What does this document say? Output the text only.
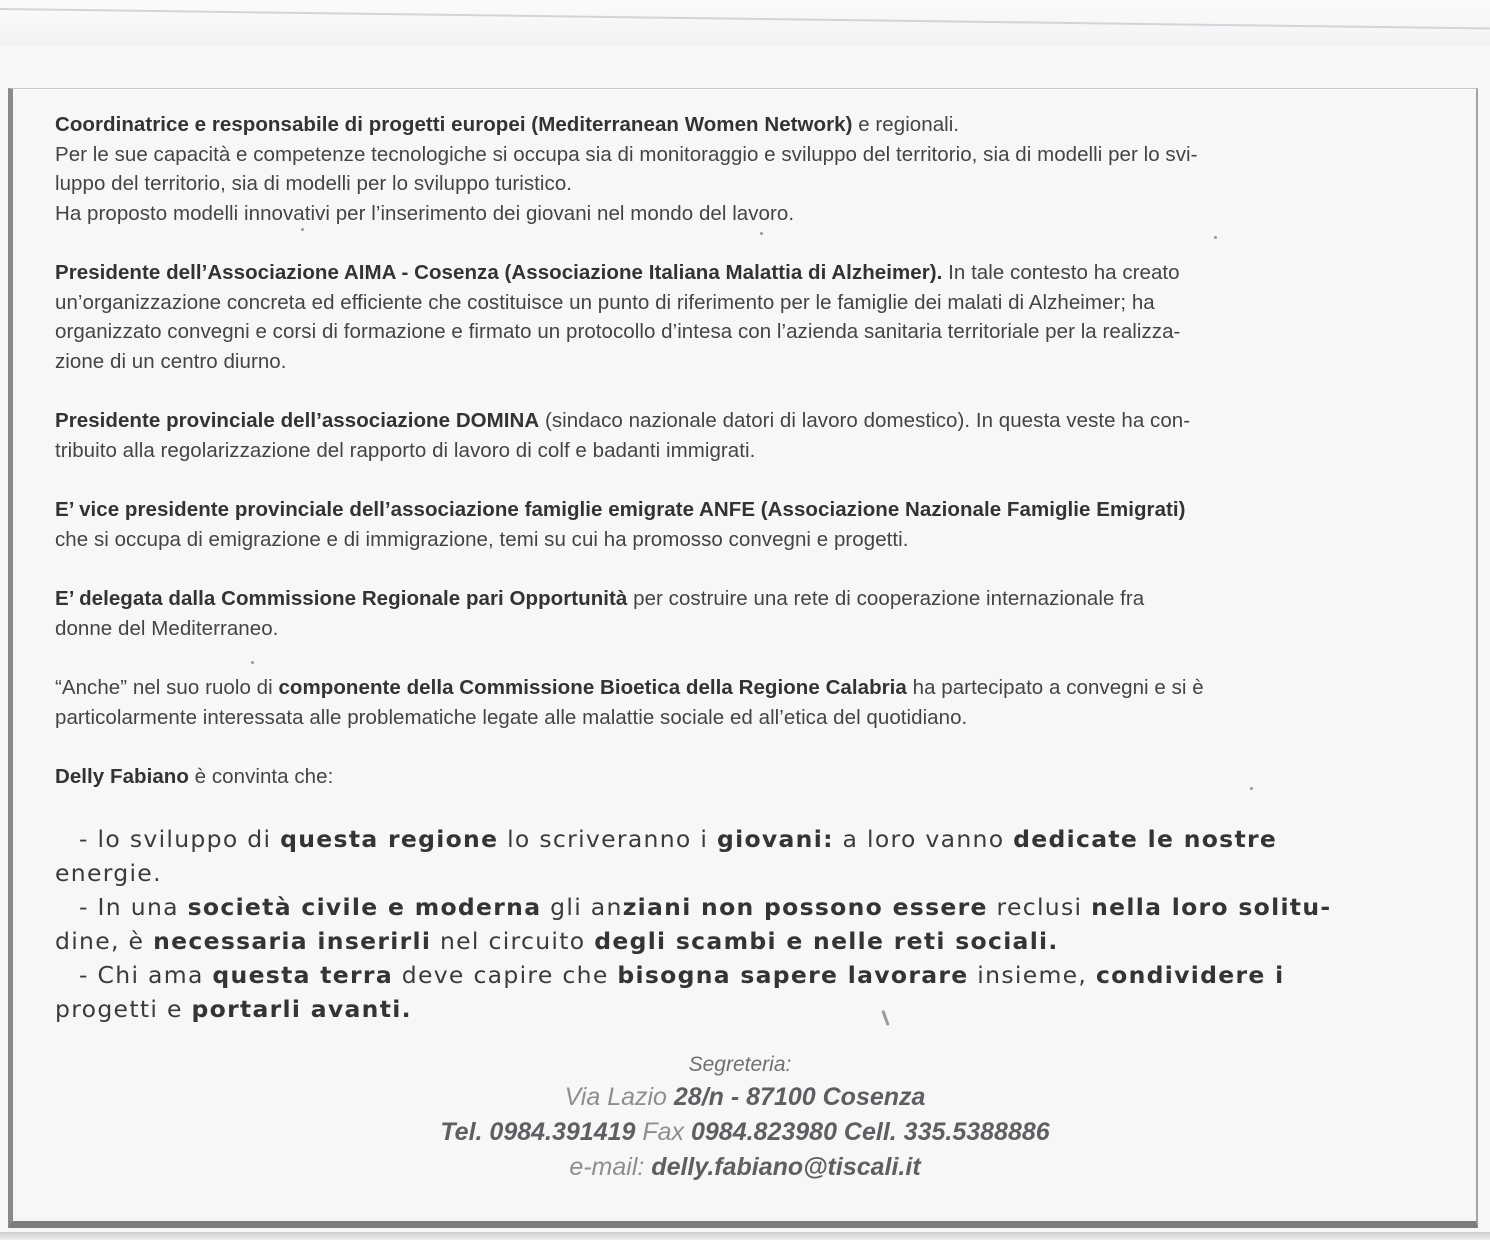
Coordinatrice e responsabile di progetti europei (Mediterranean Women Network) e regionali.
Per le sue capacità e competenze tecnologiche si occupa sia di monitoraggio e sviluppo del territorio, sia di modelli per lo svi-
luppo del territorio, sia di modelli per lo sviluppo turistico.
Ha proposto modelli innovativi per l’inserimento dei giovani nel mondo del lavoro.

Presidente dell’Associazione AIMA - Cosenza (Associazione Italiana Malattia di Alzheimer). In tale contesto ha creato
un’organizzazione concreta ed efficiente che costituisce un punto di riferimento per le famiglie dei malati di Alzheimer; ha
organizzato convegni e corsi di formazione e firmato un protocollo d’intesa con l’azienda sanitaria territoriale per la realizza-
zione di un centro diurno.

Presidente provinciale dell’associazione DOMINA (sindaco nazionale datori di lavoro domestico). In questa veste ha con-
tribuito alla regolarizzazione del rapporto di lavoro di colf e badanti immigrati.

E’ vice presidente provinciale dell’associazione famiglie emigrate ANFE (Associazione Nazionale Famiglie Emigrati)
che si occupa di emigrazione e di immigrazione, temi su cui ha promosso convegni e progetti.

E’ delegata dalla Commissione Regionale pari Opportunità per costruire una rete di cooperazione internazionale fra
donne del Mediterraneo.

“Anche” nel suo ruolo di componente della Commissione Bioetica della Regione Calabria ha partecipato a convegni e si è
particolarmente interessata alle problematiche legate alle malattie sociale ed all’etica del quotidiano.

Delly Fabiano è convinta che:

- lo sviluppo di questa regione lo scriveranno i giovani: a loro vanno dedicate le nostre
energie.
- In una società civile e moderna gli anziani non possono essere reclusi nella loro solitu-
dine, è necessaria inserirli nel circuito degli scambi e nelle reti sociali.
- Chi ama questa terra deve capire che bisogna sapere lavorare insieme, condividere i
progetti e portarli avanti.
Segreteria:
Via Lazio 28/n - 87100 Cosenza
Tel. 0984.391419 Fax 0984.823980 Cell. 335.5388886
e-mail: delly.fabiano@tiscali.it
